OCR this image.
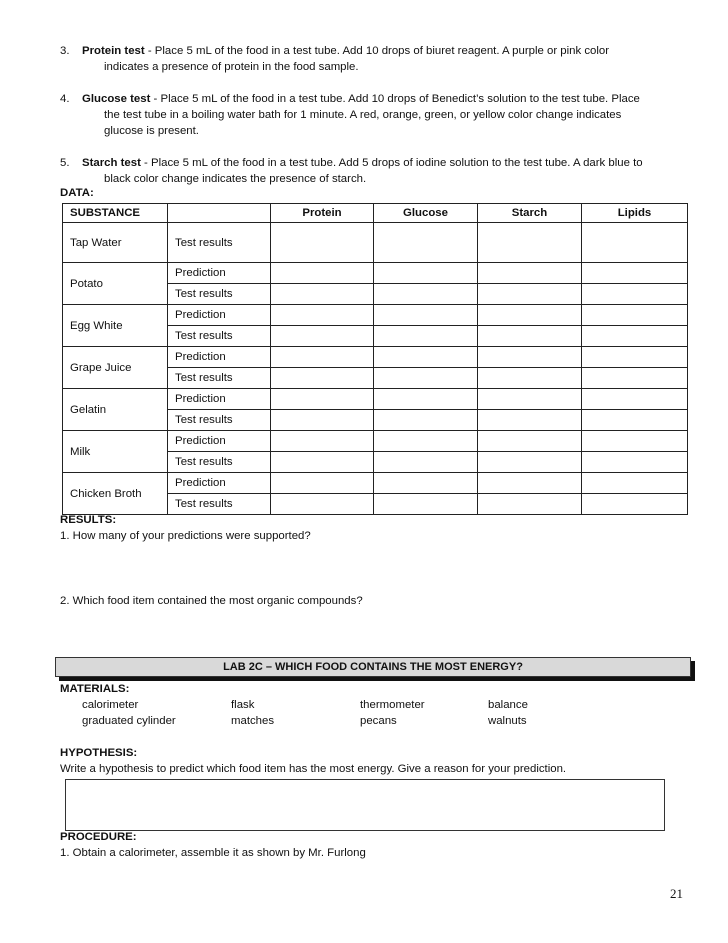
3. Protein test - Place 5 mL of the food in a test tube. Add 10 drops of biuret reagent. A purple or pink color
indicates a presence of protein in the food sample.
4. Glucose test - Place 5 mL of the food in a test tube. Add 10 drops of Benedict’s solution to the test tube. Place
the test tube in a boiling water bath for 1 minute. A red, orange, green, or yellow color change indicates
glucose is present.
5. Starch test - Place 5 mL of the food in a test tube. Add 5 drops of iodine solution to the test tube. A dark blue to
black color change indicates the presence of starch.
DATA:
SUBSTANCE		Protein	Glucose	Starch	Lipids
Tap Water	Test results				
Potato	Prediction				
	Test results				
Egg White	Prediction				
	Test results				
Grape Juice	Prediction				
	Test results				
Gelatin	Prediction				
	Test results				
Milk	Prediction				
	Test results				
Chicken Broth	Prediction				
	Test results				
RESULTS:
1. How many of your predictions were supported?
2. Which food item contained the most organic compounds?
LAB 2C – WHICH FOOD CONTAINS THE MOST ENERGY?
MATERIALS:
calorimeter	flask	thermometer	balance
graduated cylinder	matches	pecans	walnuts
HYPOTHESIS:
Write a hypothesis to predict which food item has the most energy. Give a reason for your prediction.
PROCEDURE:
1. Obtain a calorimeter, assemble it as shown by Mr. Furlong
21
